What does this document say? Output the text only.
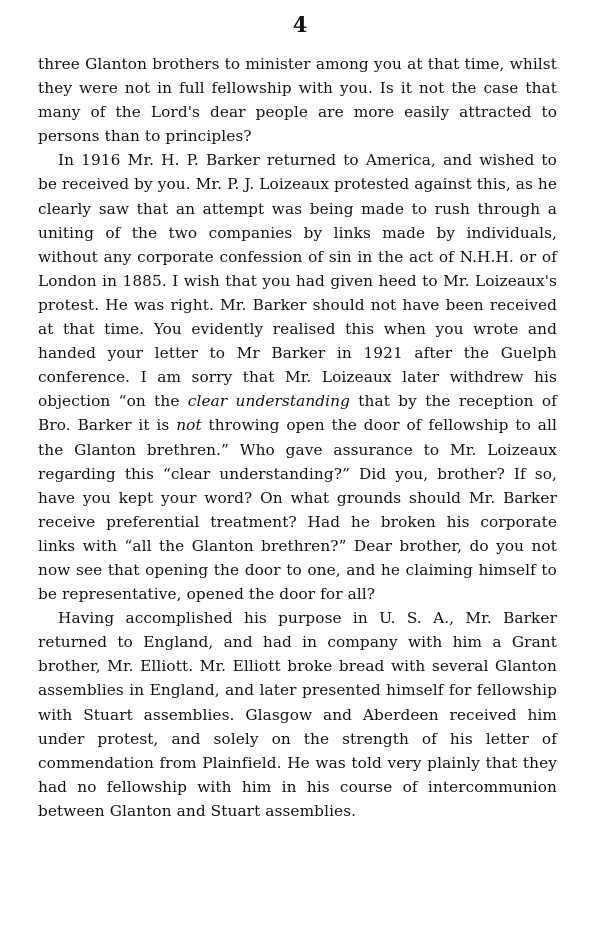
4

three Glanton brothers to minister among you at that time, whilst they were not in full fellowship with you. Is it not the case that many of the Lord's dear people are more easily attracted to persons than to principles?

In 1916 Mr. H. P. Barker returned to America, and wished to be received by you. Mr. P. J. Loizeaux protested against this, as he clearly saw that an attempt was being made to rush through a uniting of the two companies by links made by individuals, without any corporate confession of sin in the act of N.H.H. or of London in 1885. I wish that you had given heed to Mr. Loizeaux's protest. He was right. Mr. Barker should not have been received at that time. You evidently realised this when you wrote and handed your letter to Mr Barker in 1921 after the Guelph conference. I am sorry that Mr. Loizeaux later withdrew his objection “on the clear understanding that by the reception of Bro. Barker it is not throwing open the door of fellowship to all the Glanton brethren.” Who gave assurance to Mr. Loizeaux regarding this “clear understanding?” Did you, brother? If so, have you kept your word? On what grounds should Mr. Barker receive preferential treatment? Had he broken his corporate links with “all the Glanton brethren?” Dear brother, do you not now see that opening the door to one, and he claiming himself to be representative, opened the door for all?

Having accomplished his purpose in U. S. A., Mr. Barker returned to England, and had in company with him a Grant brother, Mr. Elliott. Mr. Elliott broke bread with several Glanton assemblies in England, and later presented himself for fellowship with Stuart assemblies. Glasgow and Aberdeen received him under protest, and solely on the strength of his letter of commendation from Plainfield. He was told very plainly that they had no fellowship with him in his course of intercommunion between Glanton and Stuart assemblies.
